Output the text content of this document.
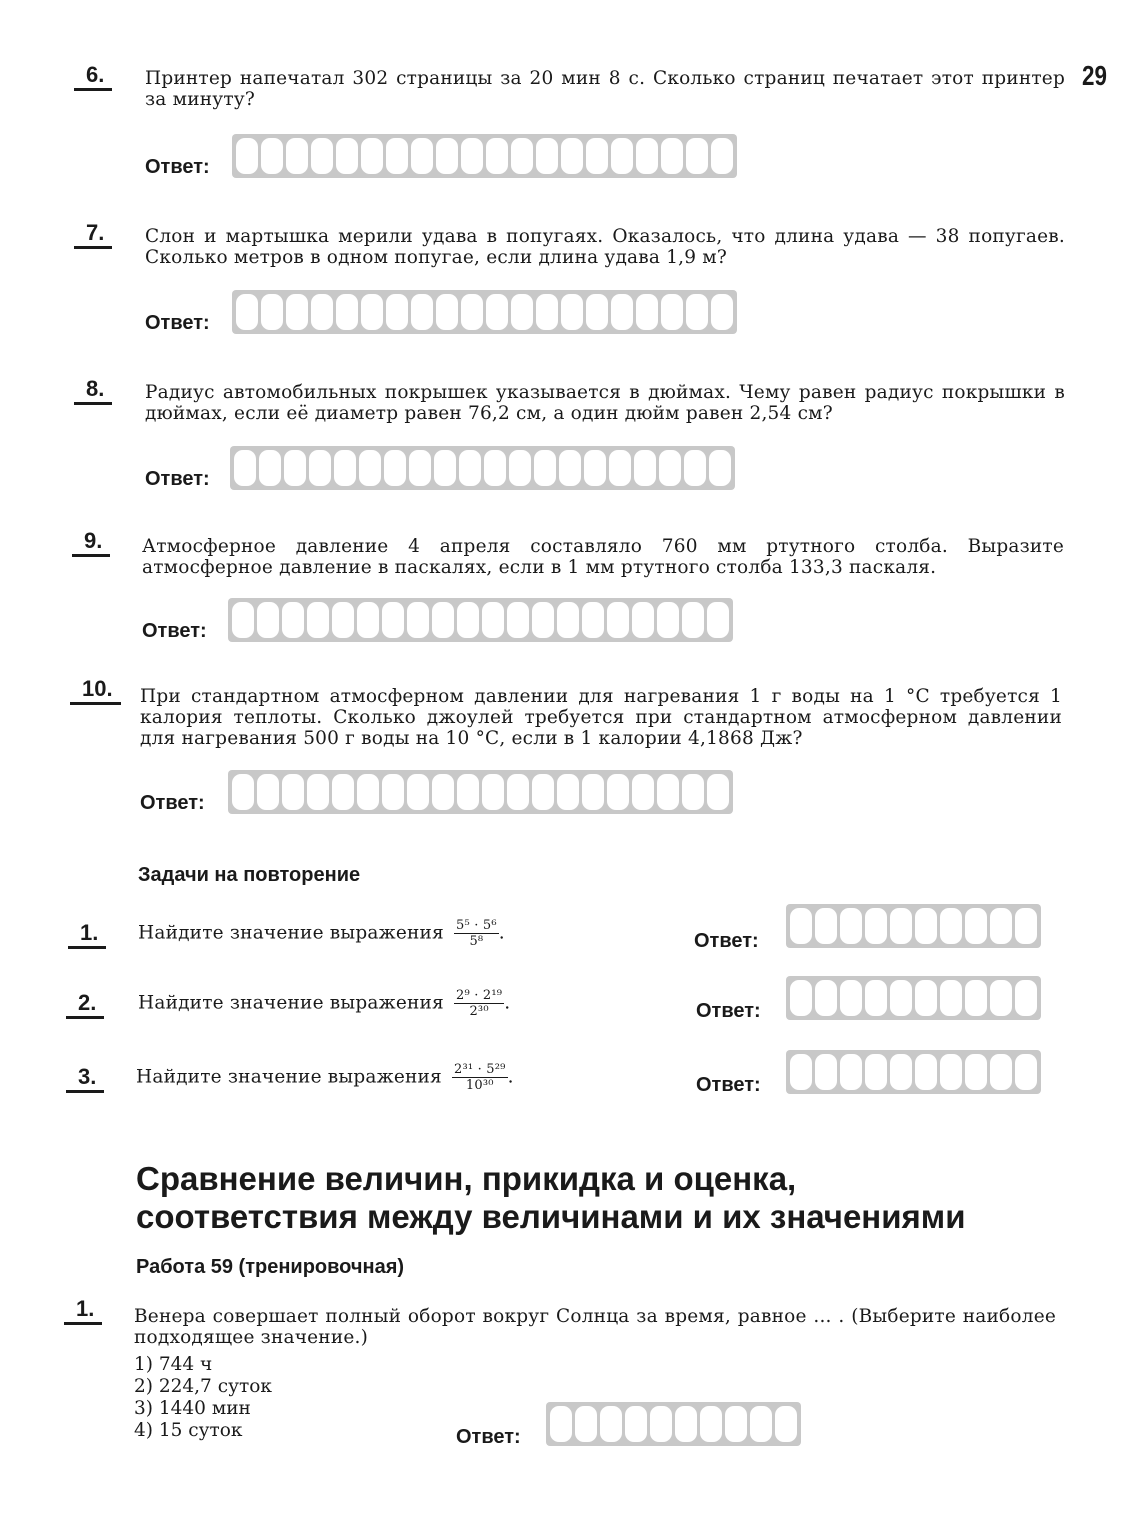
29
6.	Принтер напечатал 302 страницы за 20 мин 8 с. Сколько страниц печатает этот принтер за минуту?
Ответ:
7.	Слон и мартышка мерили удава в попугаях. Оказалось, что длина удава — 38 попугаев. Сколько метров в одном попугае, если длина удава 1,9 м?
Ответ:
8.	Радиус автомобильных покрышек указывается в дюймах. Чему равен радиус покрышки в дюймах, если её диаметр равен 76,2 см, а один дюйм равен 2,54 см?
Ответ:
9.	Атмосферное давление 4 апреля составляло 760 мм ртутного столба. Выразите атмосферное давление в паскалях, если в 1 мм ртутного столба 133,3 паскаля.
Ответ:
10.	При стандартном атмосферном давлении для нагревания 1 г воды на 1 °С требуется 1 калория теплоты. Сколько джоулей требуется при стандартном атмосферном давлении для нагревания 500 г воды на 10 °С, если в 1 калории 4,1868 Дж?
Ответ:
Задачи на повторение
1.	Найдите значение выражения $\frac{\text{5⁵ · 5⁶}}{\text{5⁸}}$ .	Ответ:
2.	Найдите значение выражения $\frac{\text{2⁹ · 2¹⁹}}{\text{2³⁰}}$ .	Ответ:
3.	Найдите значение выражения $\frac{\text{2³¹ · 5²⁹}}{\text{10³⁰}}$ .	Ответ:
Сравнение величин, прикидка и оценка,
соответствия между величинами и их значениями
Работа 59 (тренировочная)
1.	Венера совершает полный оборот вокруг Солнца за время, равное ... . (Выберите наиболее подходящее значение.)
1) 744 ч
2) 224,7 суток
3) 1440 мин
4) 15 суток	Ответ:
